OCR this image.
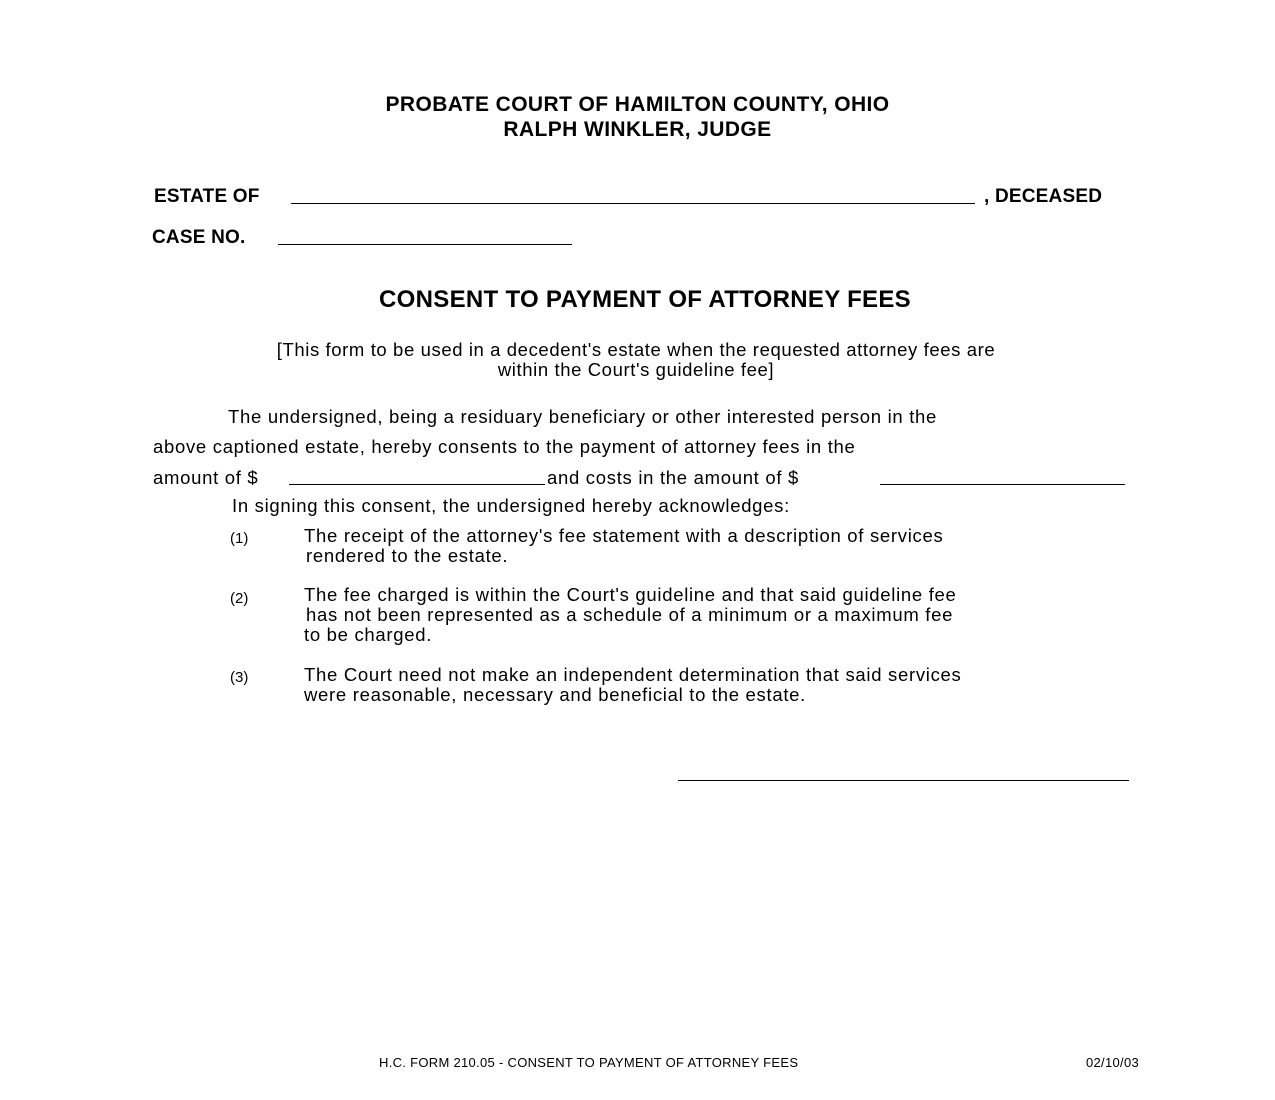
PROBATE COURT OF HAMILTON COUNTY, OHIO
RALPH WINKLER, JUDGE
ESTATE OF	, DECEASED
CASE NO.
CONSENT TO PAYMENT OF ATTORNEY FEES
[This form to be used in a decedent's estate when the requested attorney fees are
within the Court's guideline fee]
The undersigned, being a residuary beneficiary or other interested person in the
above captioned estate, hereby consents to the payment of attorney fees in the
amount of $	and costs in the amount of $
In signing this consent, the undersigned hereby acknowledges:
(1)	The receipt of the attorney's fee statement with a description of services
rendered to the estate.
(2)	The fee charged is within the Court's guideline and that said guideline fee
has not been represented as a schedule of a minimum or a maximum fee
to be charged.
(3)	The Court need not make an independent determination that said services
were reasonable, necessary and beneficial to the estate.
H.C. FORM 210.05 - CONSENT TO PAYMENT OF ATTORNEY FEES	02/10/03
